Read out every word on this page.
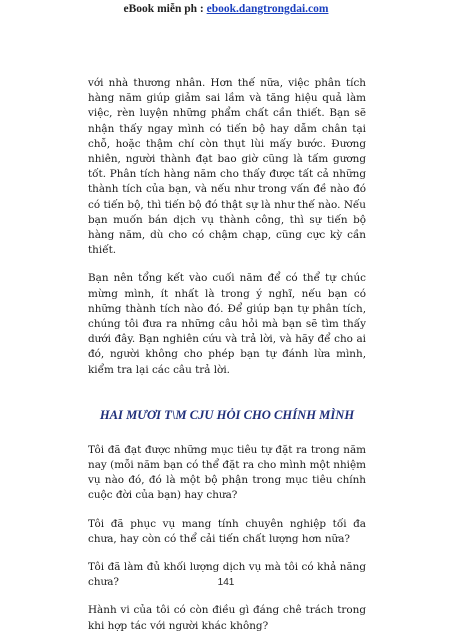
eBook miễn ph : ebook.dangtrongdai.com

với nhà thương nhân. Hơn thế nữa, việc phân tích hàng năm giúp giảm sai lầm và tăng hiệu quả làm việc, rèn luyện những phẩm chất cần thiết. Bạn sẽ nhận thấy ngay mình có tiến bộ hay dẫm chân tại chỗ, hoặc thậm chí còn thụt lùi mấy bước. Đương nhiên, người thành đạt bao giờ cũng là tấm gương tốt. Phân tích hàng năm cho thấy được tất cả những thành tích của bạn, và nếu như trong vấn đề nào đó có tiến bộ, thì tiến bộ đó thật sự là như thế nào. Nếu bạn muốn bán dịch vụ thành công, thì sự tiến bộ hàng năm, dù cho có chậm chạp, cũng cực kỳ cần thiết.

Bạn nên tổng kết vào cuối năm để có thể tự chúc mừng mình, ít nhất là trong ý nghĩ, nếu bạn có những thành tích nào đó. Để giúp bạn tự phân tích, chúng tôi đưa ra những câu hỏi mà bạn sẽ tìm thấy dưới đây. Bạn nghiên cứu và trả lời, và hãy để cho ai đó, người không cho phép bạn tự đánh lừa mình, kiểm tra lại các câu trả lời.

HAI MƯƠI T\M CJU HỎI CHO CHÍNH MÌNH

Tôi đã đạt được những mục tiêu tự đặt ra trong năm nay (mỗi năm bạn có thể đặt ra cho mình một nhiệm vụ nào đó, đó là một bộ phận trong mục tiêu chính cuộc đời của bạn) hay chưa?

Tôi đã phục vụ mang tính chuyên nghiệp tối đa chưa, hay còn có thể cải tiến chất lượng hơn nữa?

Tôi đã làm đủ khối lượng dịch vụ mà tôi có khả năng chưa?

Hành vi của tôi có còn điều gì đáng chê trách trong khi hợp tác với người khác không?

141
